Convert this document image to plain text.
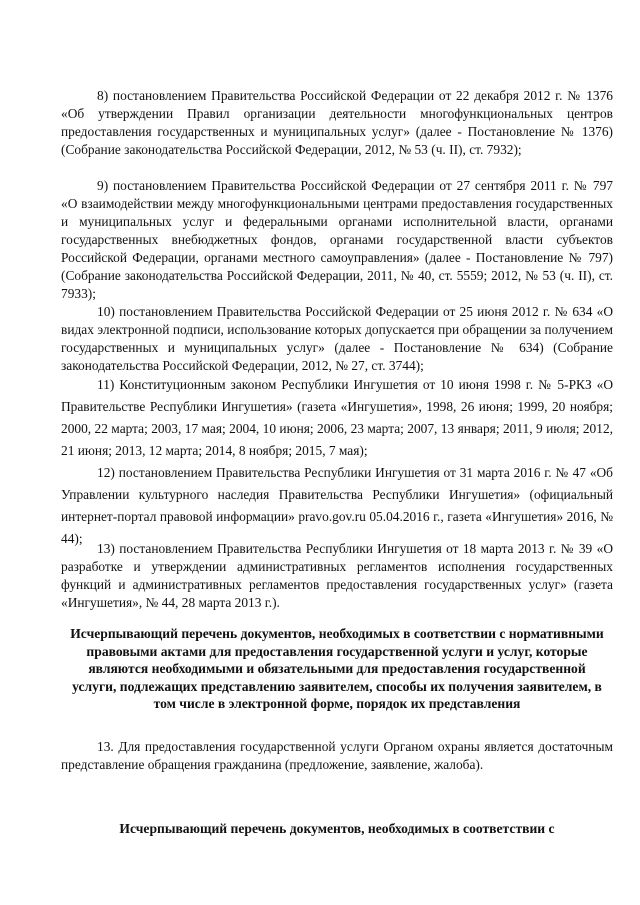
8) постановлением Правительства Российской Федерации от 22 декабря 2012 г. № 1376 «Об утверждении Правил организации деятельности многофункциональных центров предоставления государственных и муниципальных услуг» (далее - Постановление № 1376) (Собрание законодательства Российской Федерации, 2012, № 53 (ч. II), ст. 7932);

9) постановлением Правительства Российской Федерации от 27 сентября 2011 г. № 797 «О взаимодействии между многофункциональными центрами предоставления государственных и муниципальных услуг и федеральными органами исполнительной власти, органами государственных внебюджетных фондов, органами государственной власти субъектов Российской Федерации, органами местного самоуправления» (далее - Постановление № 797) (Собрание законодательства Российской Федерации, 2011, № 40, ст. 5559; 2012, № 53 (ч. II), ст. 7933);

10) постановлением Правительства Российской Федерации от 25 июня 2012 г. № 634 «О видах электронной подписи, использование которых допускается при обращении за получением государственных и муниципальных услуг» (далее - Постановление № 634) (Собрание законодательства Российской Федерации, 2012, № 27, ст. 3744);

11) Конституционным законом Республики Ингушетия от 10 июня 1998 г. № 5-РКЗ «О Правительстве Республики Ингушетия» (газета «Ингушетия», 1998, 26 июня; 1999, 20 ноября; 2000, 22 марта; 2003, 17 мая; 2004, 10 июня; 2006, 23 марта; 2007, 13 января; 2011, 9 июля; 2012, 21 июня; 2013, 12 марта; 2014, 8 ноября; 2015, 7 мая);

12) постановлением Правительства Республики Ингушетия от 31 марта 2016 г. № 47 «Об Управлении культурного наследия Правительства Республики Ингушетия» (официальный интернет-портал правовой информации» pravo.gov.ru 05.04.2016 г., газета «Ингушетия» 2016, № 44);

13) постановлением Правительства Республики Ингушетия от 18 марта 2013 г. № 39 «О разработке и утверждении административных регламентов исполнения государственных функций и административных регламентов предоставления государственных услуг» (газета «Ингушетия», № 44, 28 марта 2013 г.).

Исчерпывающий перечень документов, необходимых в соответствии с нормативными правовыми актами для предоставления государственной услуги и услуг, которые являются необходимыми и обязательными для предоставления государственной услуги, подлежащих представлению заявителем, способы их получения заявителем, в том числе в электронной форме, порядок их представления

13. Для предоставления государственной услуги Органом охраны является достаточным представление обращения гражданина (предложение, заявление, жалоба).

Исчерпывающий перечень документов, необходимых в соответствии с
